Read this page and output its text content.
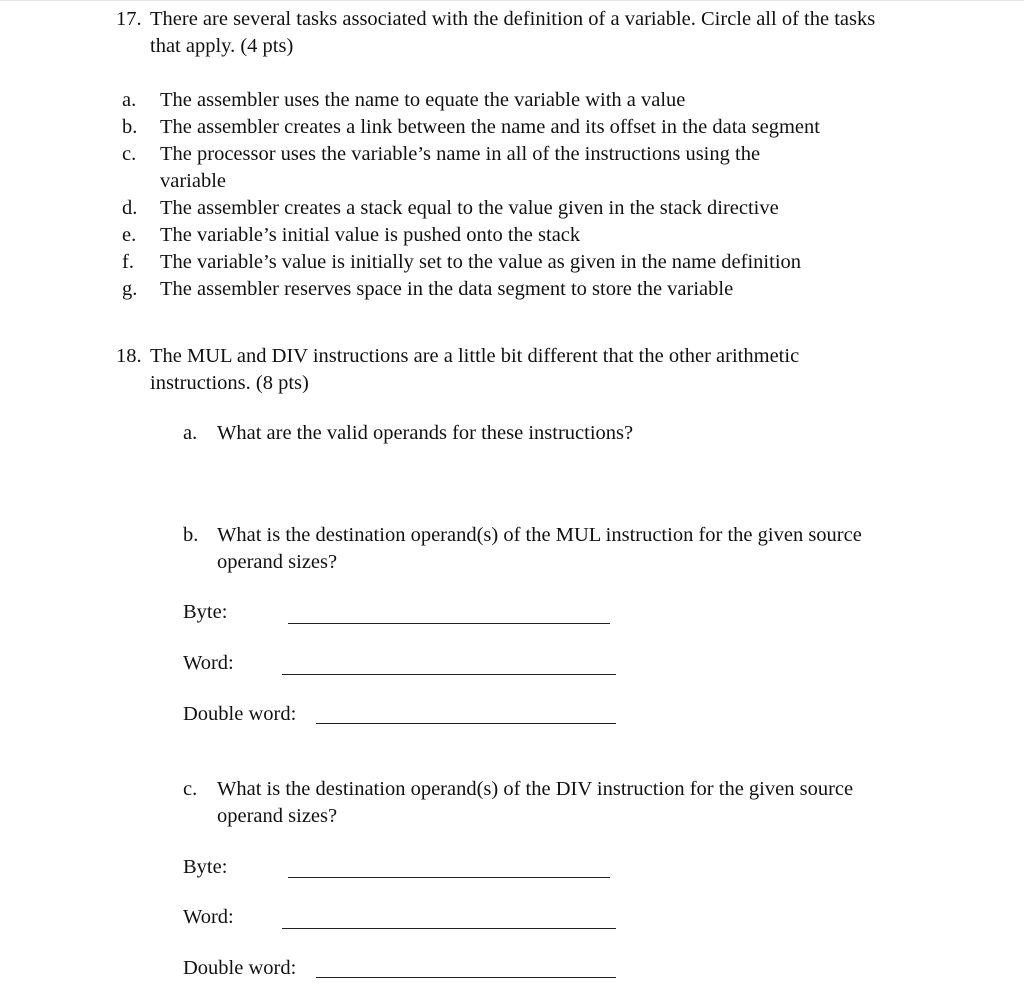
17. There are several tasks associated with the definition of a variable. Circle all of the tasks that apply. (4 pts)
a. The assembler uses the name to equate the variable with a value
b. The assembler creates a link between the name and its offset in the data segment
c. The processor uses the variable’s name in all of the instructions using the
variable
d. The assembler creates a stack equal to the value given in the stack directive
e. The variable’s initial value is pushed onto the stack
f. The variable’s value is initially set to the value as given in the name definition
g. The assembler reserves space in the data segment to store the variable
18. The MUL and DIV instructions are a little bit different that the other arithmetic instructions. (8 pts)
a. What are the valid operands for these instructions?
b. What is the destination operand(s) of the MUL instruction for the given source operand sizes?
Byte:
Word:
Double word:
c. What is the destination operand(s) of the DIV instruction for the given source operand sizes?
Byte:
Word:
Double word:
